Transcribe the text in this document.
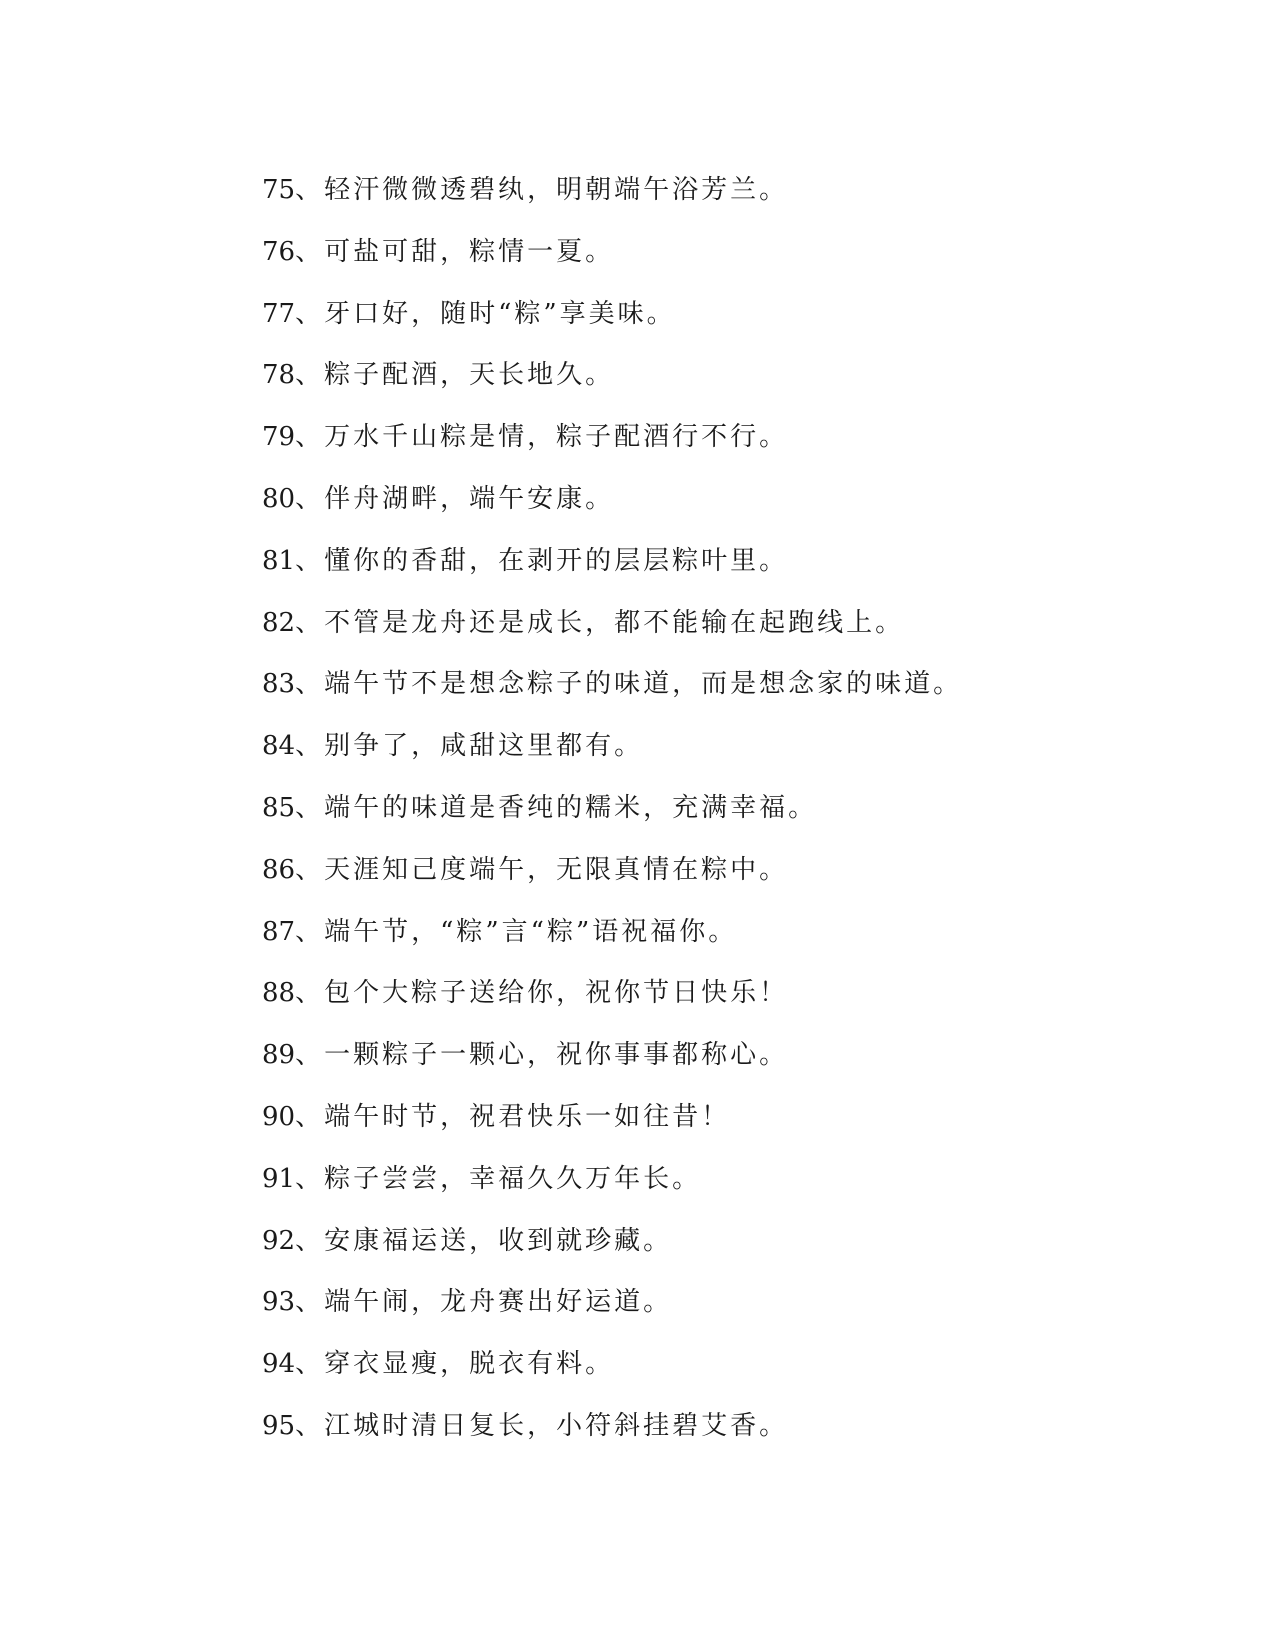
75、轻汗微微透碧纨，明朝端午浴芳兰。
76、可盐可甜，粽情一夏。
77、牙口好，随时“粽”享美味。
78、粽子配酒，天长地久。
79、万水千山粽是情，粽子配酒行不行。
80、伴舟湖畔，端午安康。
81、懂你的香甜，在剥开的层层粽叶里。
82、不管是龙舟还是成长，都不能输在起跑线上。
83、端午节不是想念粽子的味道，而是想念家的味道。
84、别争了，咸甜这里都有。
85、端午的味道是香纯的糯米，充满幸福。
86、天涯知己度端午，无限真情在粽中。
87、端午节，“粽”言“粽”语祝福你。
88、包个大粽子送给你，祝你节日快乐！
89、一颗粽子一颗心，祝你事事都称心。
90、端午时节，祝君快乐一如往昔！
91、粽子尝尝，幸福久久万年长。
92、安康福运送，收到就珍藏。
93、端午闹，龙舟赛出好运道。
94、穿衣显瘦，脱衣有料。
95、江城时清日复长，小符斜挂碧艾香。
